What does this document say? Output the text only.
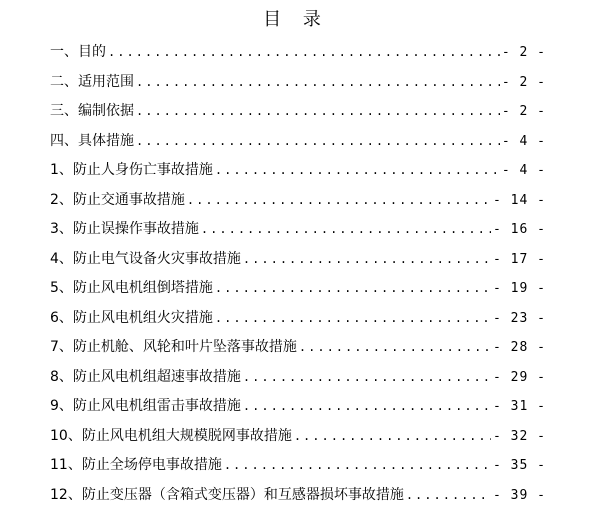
目 录
一、目的 .....	- 2 -
二、适用范围 .....	- 2 -
三、编制依据 .....	- 2 -
四、具体措施 .....	- 4 -
1、防止人身伤亡事故措施 .....	- 4 -
2、防止交通事故措施 .....	- 14 -
3、防止误操作事故措施 .....	- 16 -
4、防止电气设备火灾事故措施 .....	- 17 -
5、防止风电机组倒塔措施 .....	- 19 -
6、防止风电机组火灾措施 .....	- 23 -
7、防止机舱、风轮和叶片坠落事故措施 .....	- 28 -
8、防止风电机组超速事故措施 .....	- 29 -
9、防止风电机组雷击事故措施 .....	- 31 -
10、防止风电机组大规模脱网事故措施 .....	- 32 -
11、防止全场停电事故措施 .....	- 35 -
12、防止变压器（含箱式变压器）和互感器损坏事故措施 .....	- 39 -
